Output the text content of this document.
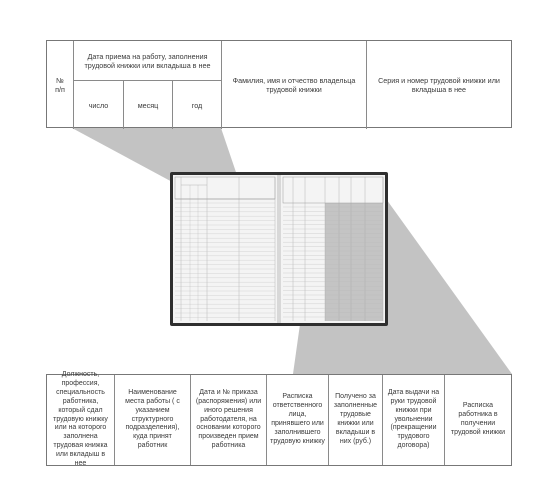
№
п/п
Дата приема на работу, заполнения трудовой книжки или вкладыша в нее
число	месяц	год
Фамилия, имя и отчество владельца трудовой книжки
Серия и номер трудовой книжки или вкладыша в нее
Должность, профессия, специальность работника, который сдал трудовую книжку или на которого заполнена трудовая книжка или вкладыш в нее
Наименование места работы ( с указанием структурного подразделения), куда принят работник
Дата и № приказа (распоряжения) или иного решения работодателя, на основании которого произведен прием работника
Расписка ответственного лица, принявшего или заполнившего трудовую книжку
Получено за заполненные трудовые книжки или вкладыши в них (руб.)
Дата выдачи на руки трудовой книжки при увольнении (прекращении трудового договора)
Расписка работника в получении трудовой книжки
